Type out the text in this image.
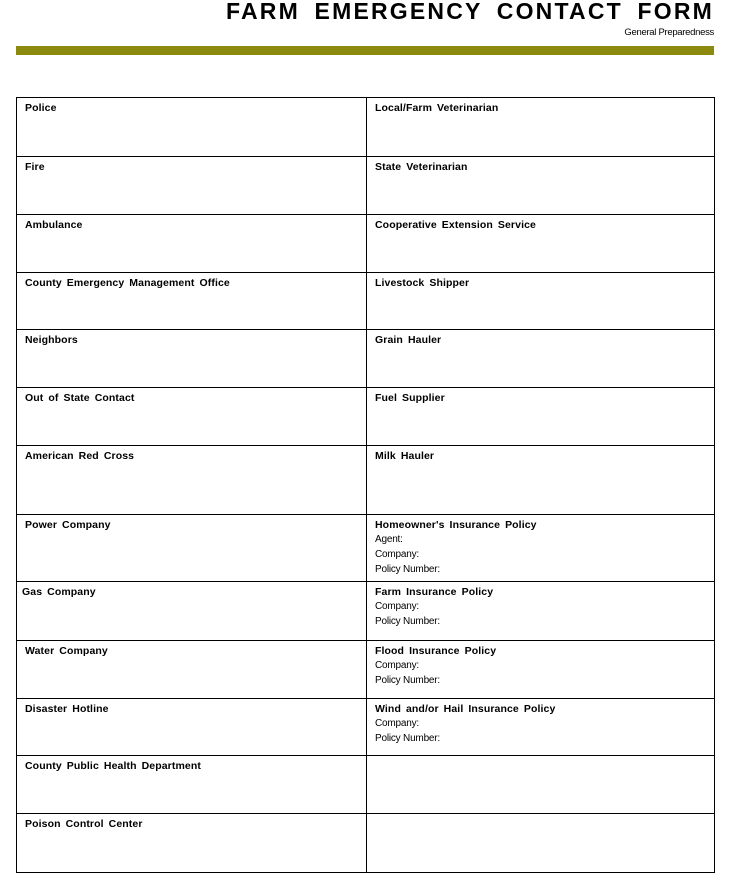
FARM EMERGENCY CONTACT FORM
General Preparedness
Police	Local/Farm Veterinarian

Fire	State Veterinarian

Ambulance	Cooperative Extension Service

County Emergency Management Office	Livestock Shipper

Neighbors	Grain Hauler

Out of State Contact	Fuel Supplier

American Red Cross	Milk Hauler

Power Company	Homeowner's Insurance Policy
Agent:
Company:
Policy Number:

Gas Company	Farm Insurance Policy
Company:
Policy Number:

Water Company	Flood Insurance Policy
Company:
Policy Number:

Disaster Hotline	Wind and/or Hail Insurance Policy
Company:
Policy Number:

County Public Health Department	

Poison Control Center	
